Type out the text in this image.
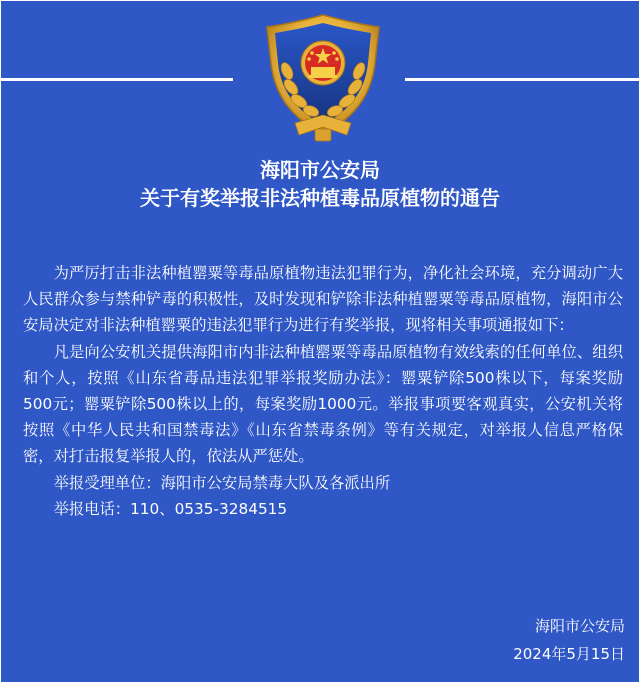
海阳市公安局
关于有奖举报非法种植毒品原植物的通告

为严厉打击非法种植罂粟等毒品原植物违法犯罪行为，净化社会环境，充分调动广大人民群众参与禁种铲毒的积极性，及时发现和铲除非法种植罂粟等毒品原植物，海阳市公安局决定对非法种植罂粟的违法犯罪行为进行有奖举报，现将相关事项通报如下：

凡是向公安机关提供海阳市内非法种植罂粟等毒品原植物有效线索的任何单位、组织和个人，按照《山东省毒品违法犯罪举报奖励办法》：罂粟铲除500株以下，每案奖励500元；罂粟铲除500株以上的，每案奖励1000元。举报事项要客观真实，公安机关将按照《中华人民共和国禁毒法》《山东省禁毒条例》等有关规定，对举报人信息严格保密，对打击报复举报人的，依法从严惩处。

举报受理单位：海阳市公安局禁毒大队及各派出所

举报电话：110、0535-3284515

海阳市公安局
2024年5月15日
